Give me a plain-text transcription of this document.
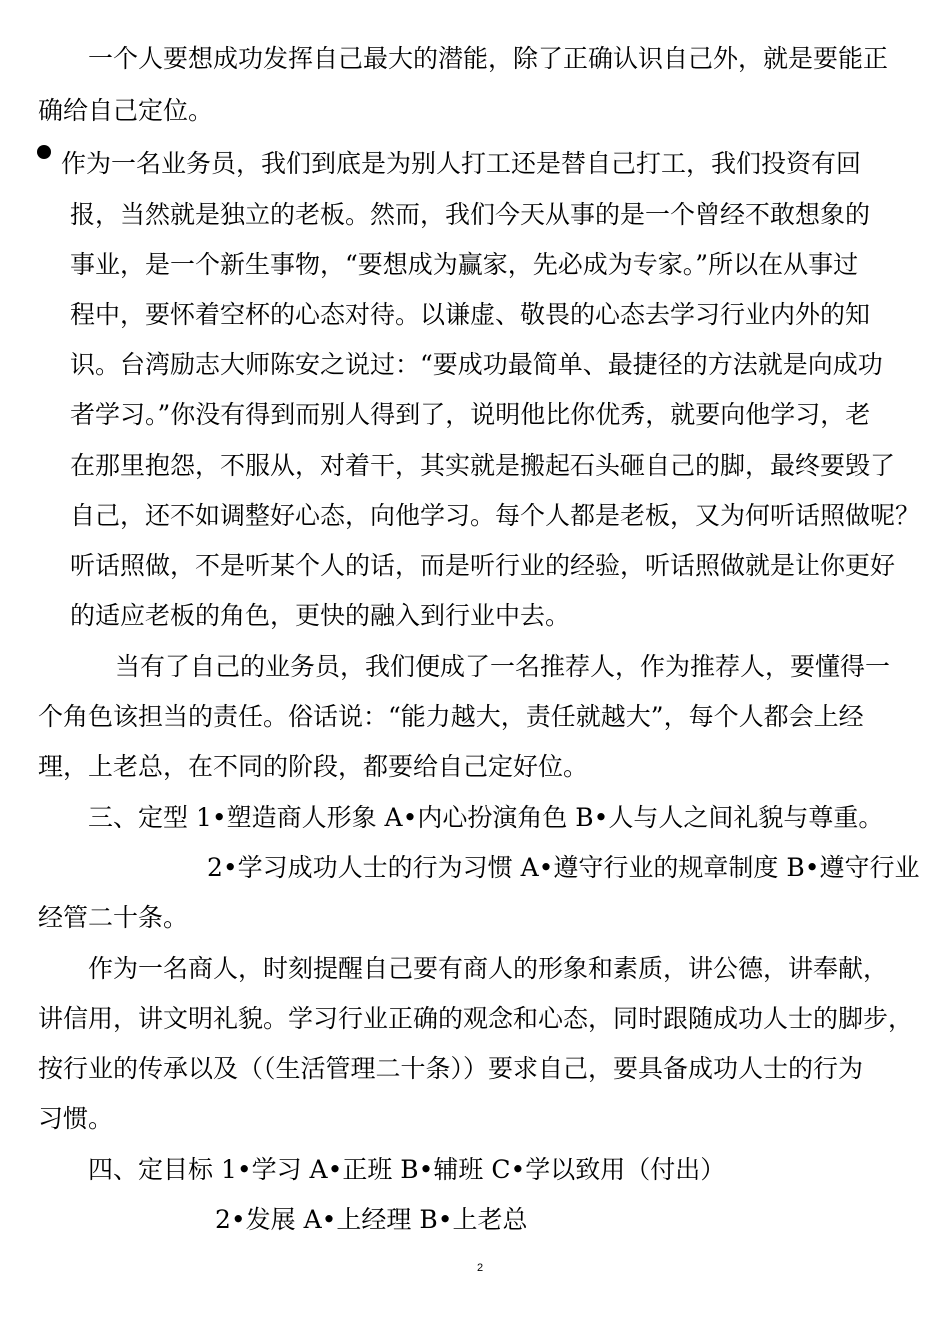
一个人要想成功发挥自己最大的潜能，除了正确认识自己外，就是要能正
确给自己定位。
作为一名业务员，我们到底是为别人打工还是替自己打工，我们投资有回
报，当然就是独立的老板。然而，我们今天从事的是一个曾经不敢想象的
事业，是一个新生事物，“要想成为赢家，先必成为专家。”所以在从事过
程中，要怀着空杯的心态对待。以谦虚、敬畏的心态去学习行业内外的知
识。台湾励志大师陈安之说过：“要成功最简单、最捷径的方法就是向成功
者学习。”你没有得到而别人得到了，说明他比你优秀，就要向他学习，老
在那里抱怨，不服从，对着干，其实就是搬起石头砸自己的脚，最终要毁了
自己，还不如调整好心态，向他学习。每个人都是老板，又为何听话照做呢？
听话照做，不是听某个人的话，而是听行业的经验，听话照做就是让你更好
的适应老板的角色，更快的融入到行业中去。
当有了自己的业务员，我们便成了一名推荐人，作为推荐人，要懂得一
个角色该担当的责任。俗话说：“能力越大，责任就越大”，每个人都会上经
理，上老总，在不同的阶段，都要给自己定好位。
三、定型 1•塑造商人形象 A•内心扮演角色 B•人与人之间礼貌与尊重。
2•学习成功人士的行为习惯 A•遵守行业的规章制度 B•遵守行业
经管二十条。
作为一名商人，时刻提醒自己要有商人的形象和素质，讲公德，讲奉献，
讲信用，讲文明礼貌。学习行业正确的观念和心态，同时跟随成功人士的脚步，
按行业的传承以及（（生活管理二十条））要求自己，要具备成功人士的行为
习惯。
四、定目标 1•学习 A•正班 B•辅班 C•学以致用（付出）
2•发展 A•上经理 B•上老总
2
